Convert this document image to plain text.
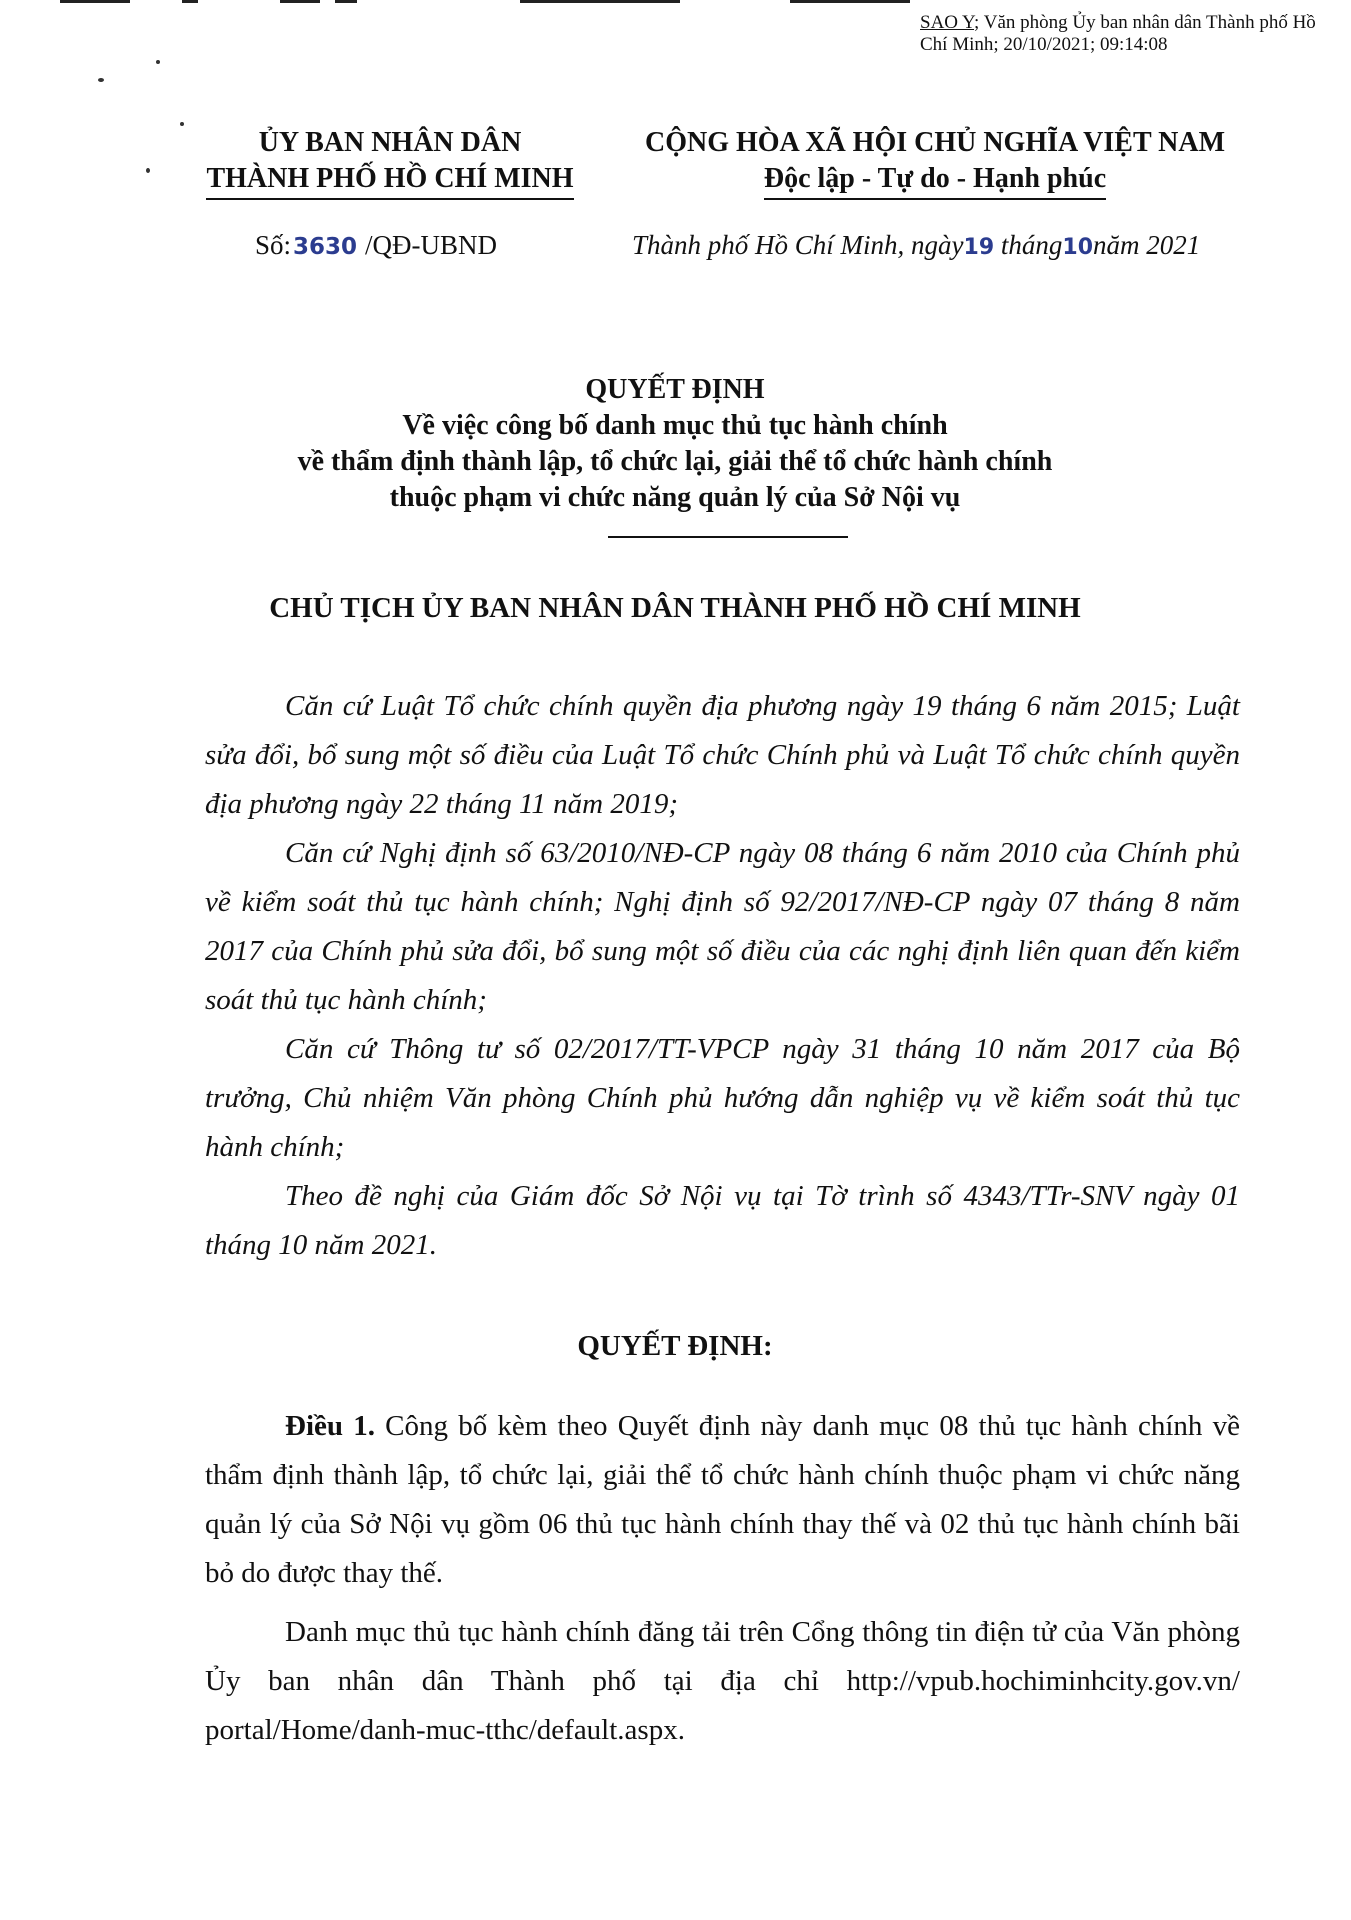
SAO Y; Văn phòng Ủy ban nhân dân Thành phố Hồ Chí Minh; 20/10/2021; 09:14:08
ỦY BAN NHÂN DÂN
THÀNH PHỐ HỒ CHÍ MINH
CỘNG HÒA XÃ HỘI CHỦ NGHĨA VIỆT NAM
Độc lập - Tự do - Hạnh phúc
Số:3630 /QĐ-UBND	Thành phố Hồ Chí Minh, ngày19 tháng10năm 2021
QUYẾT ĐỊNH
Về việc công bố danh mục thủ tục hành chính
về thẩm định thành lập, tổ chức lại, giải thể tổ chức hành chính
thuộc phạm vi chức năng quản lý của Sở Nội vụ
CHỦ TỊCH ỦY BAN NHÂN DÂN THÀNH PHỐ HỒ CHÍ MINH

Căn cứ Luật Tổ chức chính quyền địa phương ngày 19 tháng 6 năm 2015; Luật sửa đổi, bổ sung một số điều của Luật Tổ chức Chính phủ và Luật Tổ chức chính quyền địa phương ngày 22 tháng 11 năm 2019;

Căn cứ Nghị định số 63/2010/NĐ-CP ngày 08 tháng 6 năm 2010 của Chính phủ về kiểm soát thủ tục hành chính; Nghị định số 92/2017/NĐ-CP ngày 07 tháng 8 năm 2017 của Chính phủ sửa đổi, bổ sung một số điều của các nghị định liên quan đến kiểm soát thủ tục hành chính;

Căn cứ Thông tư số 02/2017/TT-VPCP ngày 31 tháng 10 năm 2017 của Bộ trưởng, Chủ nhiệm Văn phòng Chính phủ hướng dẫn nghiệp vụ về kiểm soát thủ tục hành chính;

Theo đề nghị của Giám đốc Sở Nội vụ tại Tờ trình số 4343/TTr-SNV ngày 01 tháng 10 năm 2021.

QUYẾT ĐỊNH:

Điều 1. Công bố kèm theo Quyết định này danh mục 08 thủ tục hành chính về thẩm định thành lập, tổ chức lại, giải thể tổ chức hành chính thuộc phạm vi chức năng quản lý của Sở Nội vụ gồm 06 thủ tục hành chính thay thế và 02 thủ tục hành chính bãi bỏ do được thay thế.

Danh mục thủ tục hành chính đăng tải trên Cổng thông tin điện tử của Văn phòng Ủy ban nhân dân Thành phố tại địa chỉ http://vpub.hochiminhcity.gov.vn/ portal/Home/danh-muc-tthc/default.aspx.
